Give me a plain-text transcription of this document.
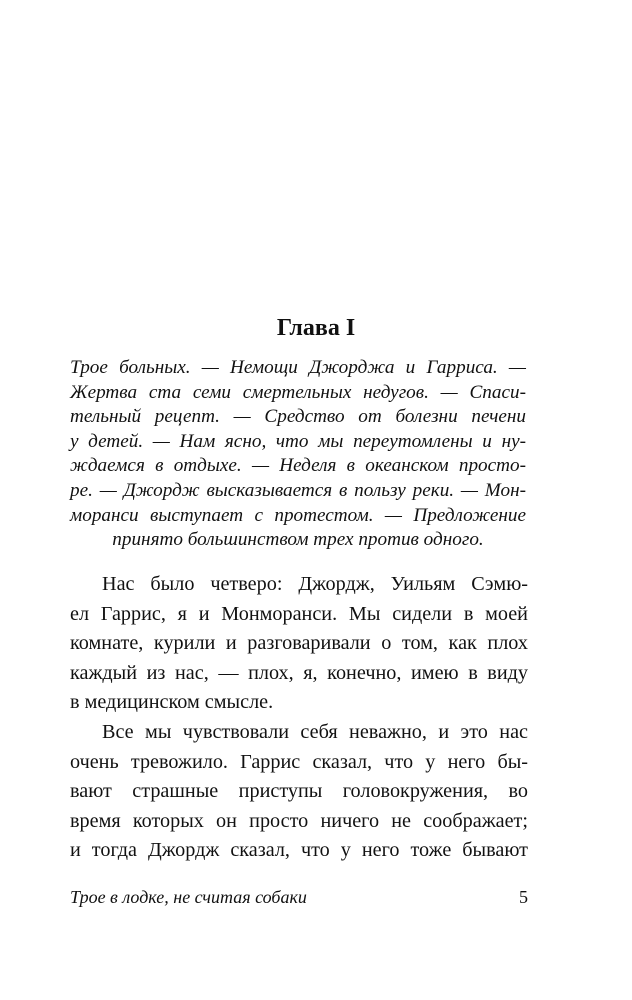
Глава I
Трое больных. — Немощи Джорджа и Гарриса. —
Жертва ста семи смертельных недугов. — Спаси-
тельный рецепт. — Средство от болезни печени
у детей. — Нам ясно, что мы переутомлены и ну-
ждаемся в отдыхе. — Неделя в океанском просто-
ре. — Джордж высказывается в пользу реки. — Мон-
моранси выступает с протестом. — Предложение
принято большинством трех против одного.
Нас было четверо: Джордж, Уильям Сэмю-
ел Гаррис, я и Монморанси. Мы сидели в моей
комнате, курили и разговаривали о том, как плох
каждый из нас, — плох, я, конечно, имею в виду
в медицинском смысле.
Все мы чувствовали себя неважно, и это нас
очень тревожило. Гаррис сказал, что у него бы-
вают страшные приступы головокружения, во
время которых он просто ничего не соображает;
и тогда Джордж сказал, что у него тоже бывают
Трое в лодке, не считая собаки	5
